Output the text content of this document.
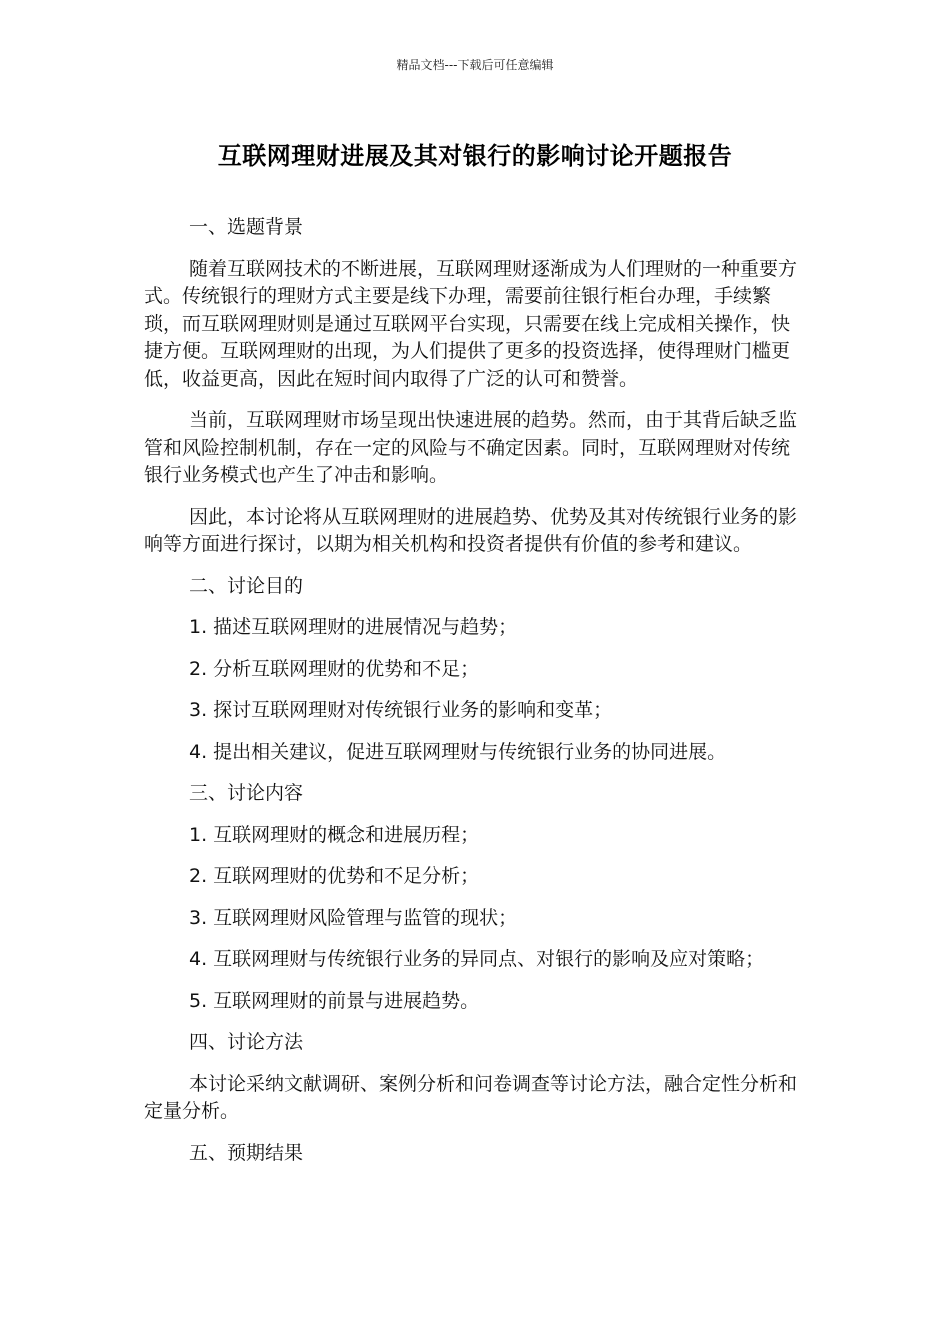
精品文档---下载后可任意编辑
互联网理财进展及其对银行的影响讨论开题报告

一、选题背景

随着互联网技术的不断进展，互联网理财逐渐成为人们理财的一种重要方式。传统银行的理财方式主要是线下办理，需要前往银行柜台办理，手续繁琐，而互联网理财则是通过互联网平台实现，只需要在线上完成相关操作，快捷方便。互联网理财的出现，为人们提供了更多的投资选择，使得理财门槛更低，收益更高，因此在短时间内取得了广泛的认可和赞誉。

当前，互联网理财市场呈现出快速进展的趋势。然而，由于其背后缺乏监管和风险控制机制，存在一定的风险与不确定因素。同时，互联网理财对传统银行业务模式也产生了冲击和影响。

因此，本讨论将从互联网理财的进展趋势、优势及其对传统银行业务的影响等方面进行探讨，以期为相关机构和投资者提供有价值的参考和建议。

二、讨论目的

1. 描述互联网理财的进展情况与趋势；

2. 分析互联网理财的优势和不足；

3. 探讨互联网理财对传统银行业务的影响和变革；

4. 提出相关建议，促进互联网理财与传统银行业务的协同进展。

三、讨论内容

1. 互联网理财的概念和进展历程；

2. 互联网理财的优势和不足分析；

3. 互联网理财风险管理与监管的现状；

4. 互联网理财与传统银行业务的异同点、对银行的影响及应对策略；

5. 互联网理财的前景与进展趋势。

四、讨论方法

本讨论采纳文献调研、案例分析和问卷调查等讨论方法，融合定性分析和定量分析。

五、预期结果
